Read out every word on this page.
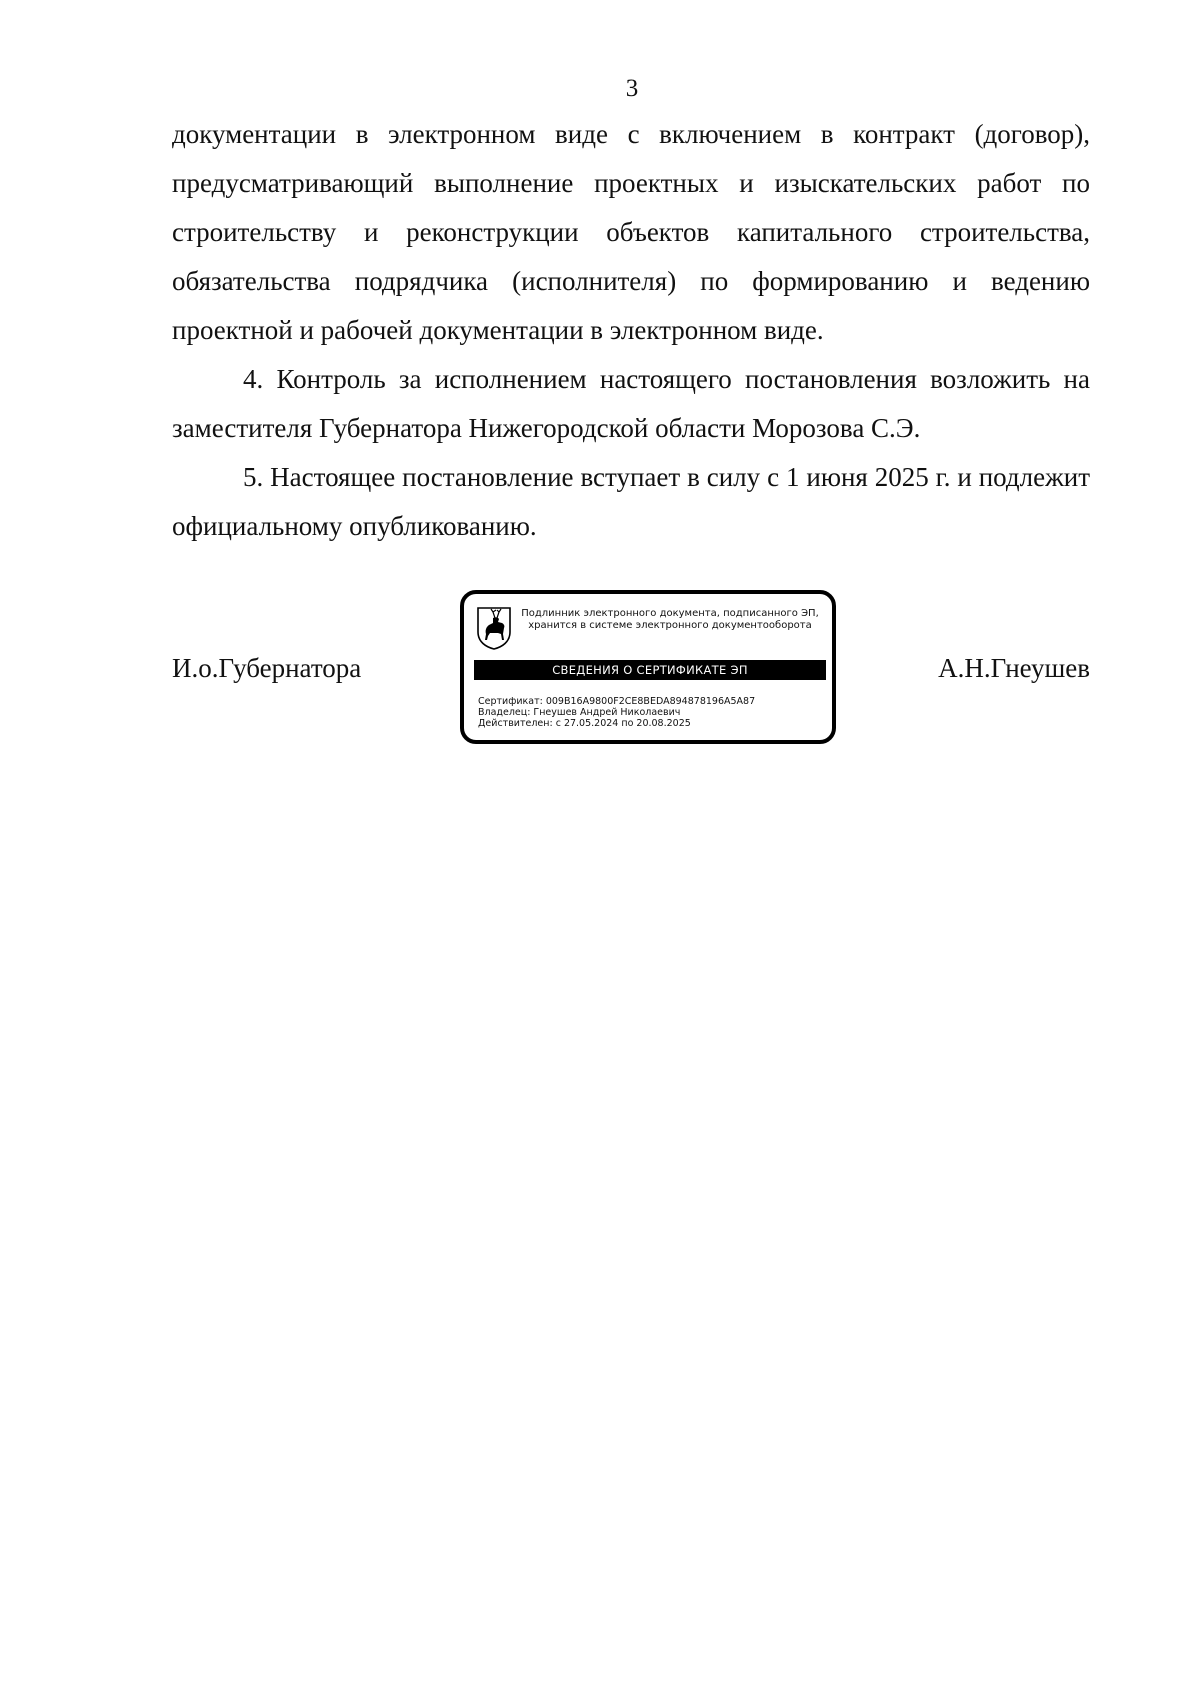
3

документации в электронном виде с включением в контракт (договор), предусматривающий выполнение проектных и изыскательских работ по строительству и реконструкции объектов капитального строительства, обязательства подрядчика (исполнителя) по формированию и ведению проектной и рабочей документации в электронном виде.

4. Контроль за исполнением настоящего постановления возложить на заместителя Губернатора Нижегородской области Морозова С.Э.

5. Настоящее постановление вступает в силу с 1 июня 2025 г. и подлежит официальному опубликованию.

И.о.Губернатора
Подлинник электронного документа, подписанного ЭП,
хранится в системе электронного документооборота
СВЕДЕНИЯ О СЕРТИФИКАТЕ ЭП
Сертификат: 009B16A9800F2CE8BEDA894878196A5A87
Владелец: Гнеушев Андрей Николаевич
Действителен: с 27.05.2024 по 20.08.2025
А.Н.Гнеушев
